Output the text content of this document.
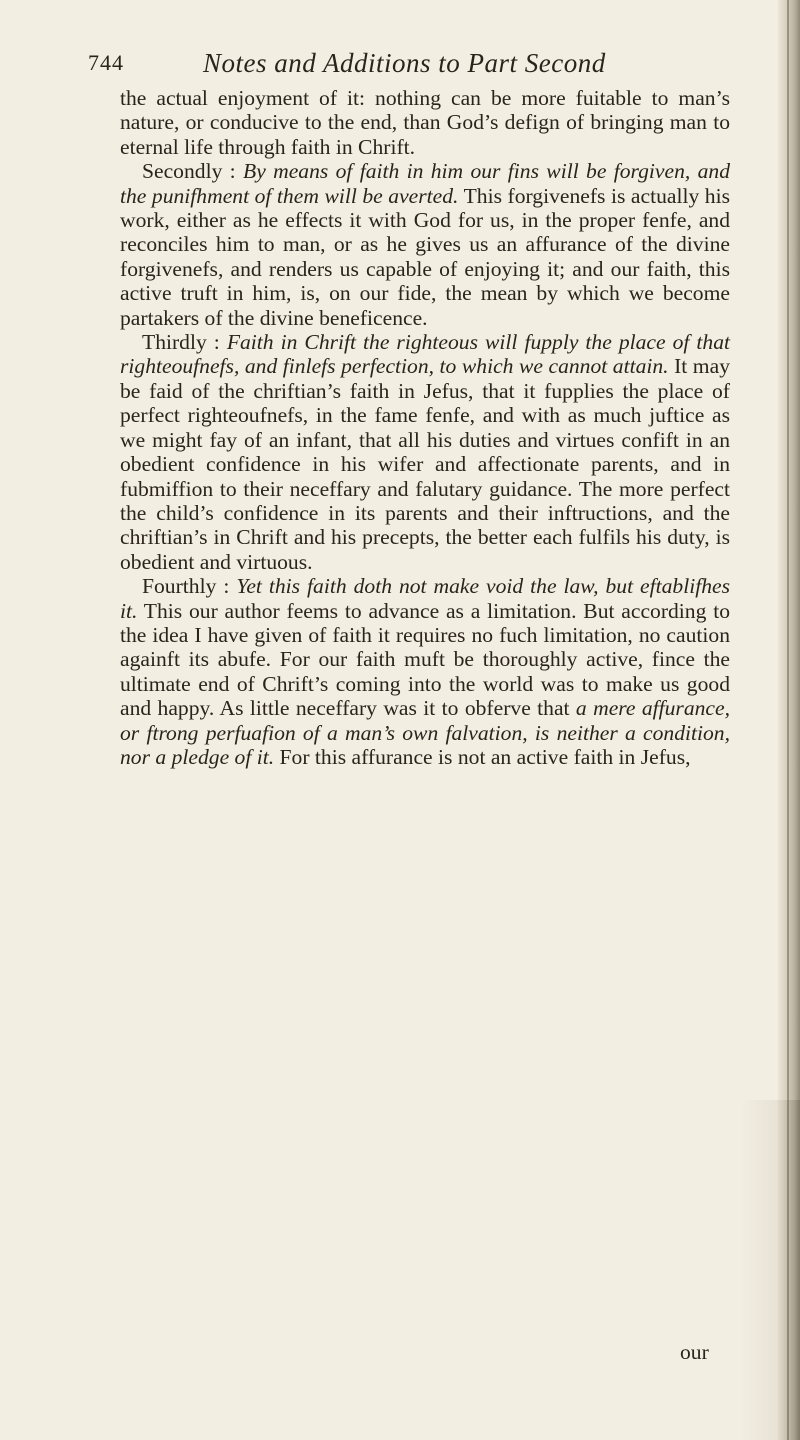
744	Notes and Additions to Part Second

the actual enjoyment of it: nothing can be more fuitable to man’s nature, or conducive to the end, than God’s defign of bringing man to eternal life through faith in Chrift.

Secondly : By means of faith in him our fins will be forgiven, and the punifhment of them will be averted. This forgivenefs is actually his work, either as he effects it with God for us, in the proper fenfe, and reconciles him to man, or as he gives us an affurance of the divine forgivenefs, and renders us capable of enjoying it; and our faith, this active truft in him, is, on our fide, the mean by which we become partakers of the divine beneficence.

Thirdly : Faith in Chrift the righteous will fupply the place of that righteoufnefs, and finlefs perfection, to which we cannot attain. It may be faid of the chriftian’s faith in Jefus, that it fupplies the place of perfect righteoufnefs, in the fame fenfe, and with as much juftice as we might fay of an infant, that all his duties and virtues confift in an obedient confidence in his wifer and affectionate parents, and in fubmiffion to their neceffary and falutary guidance. The more perfect the child’s confidence in its parents and their inftructions, and the chriftian’s in Chrift and his precepts, the better each fulfils his duty, is obedient and virtuous.

Fourthly : Yet this faith doth not make void the law, but eftablifhes it. This our author feems to advance as a limitation. But according to the idea I have given of faith it requires no fuch limitation, no caution againft its abufe. For our faith muft be thoroughly active, fince the ultimate end of Chrift’s coming into the world was to make us good and happy. As little neceffary was it to obferve that a mere affurance, or ftrong perfuafion of a man’s own falvation, is neither a condition, nor a pledge of it. For this affurance is not an active faith in Jefus,

our
